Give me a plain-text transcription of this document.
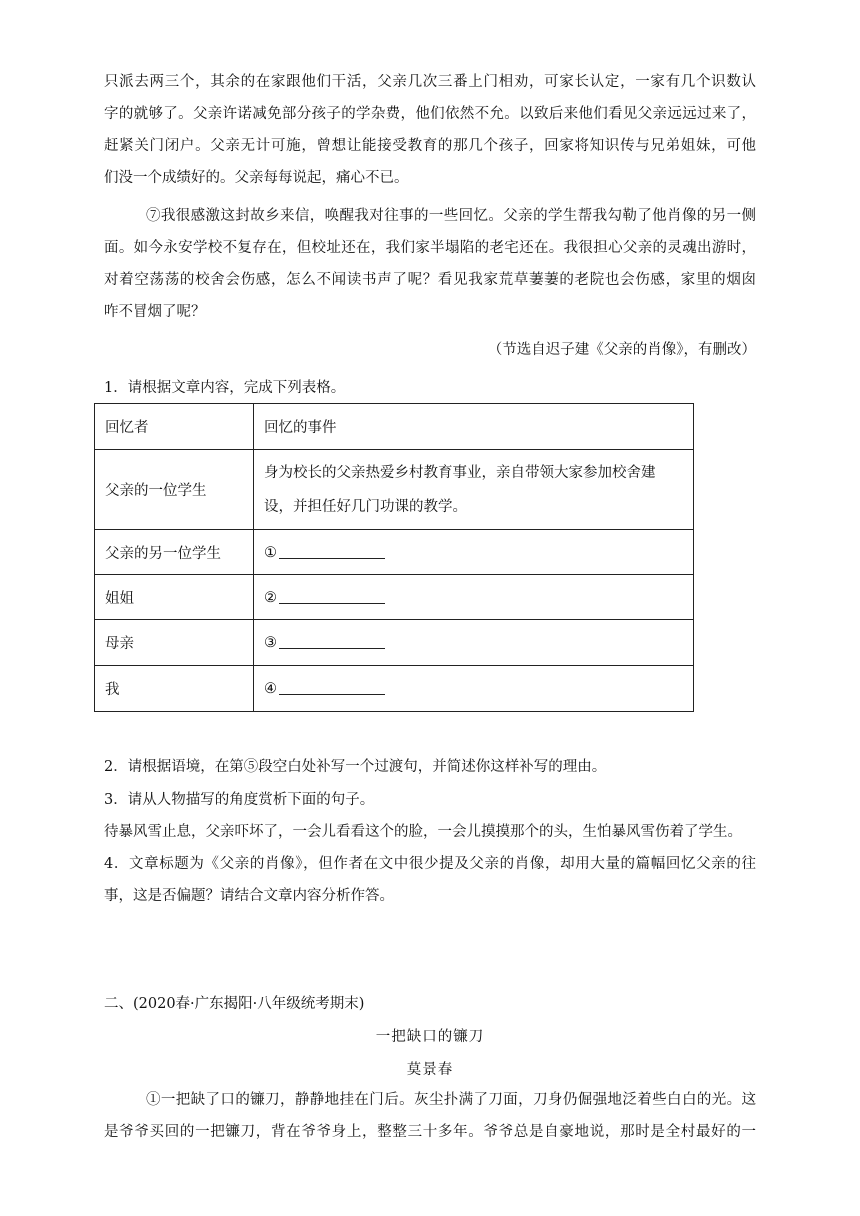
只派去两三个，其余的在家跟他们干活，父亲几次三番上门相劝，可家长认定，一家有几个识数认
字的就够了。父亲许诺减免部分孩子的学杂费，他们依然不允。以致后来他们看见父亲远远过来了，
赶紧关门闭户。父亲无计可施，曾想让能接受教育的那几个孩子，回家将知识传与兄弟姐妹，可他
们没一个成绩好的。父亲每每说起，痛心不已。
⑦我很感激这封故乡来信，唤醒我对往事的一些回忆。父亲的学生帮我勾勒了他肖像的另一侧
面。如今永安学校不复存在，但校址还在，我们家半塌陷的老宅还在。我很担心父亲的灵魂出游时，
对着空荡荡的校舍会伤感，怎么不闻读书声了呢？看见我家荒草萋萋的老院也会伤感，家里的烟囱
咋不冒烟了呢？
（节选自迟子建《父亲的肖像》，有删改）

1．请根据文章内容，完成下列表格。

回忆者	回忆的事件
父亲的一位学生	身为校长的父亲热爱乡村教育事业，亲自带领大家参加校舍建
设，并担任好几门功课的教学。

父亲的另一位学生	①
姐姐	②
母亲	③
我	④

2．请根据语境，在第⑤段空白处补写一个过渡句，并简述你这样补写的理由。

3．请从人物描写的角度赏析下面的句子。

待暴风雪止息，父亲吓坏了，一会儿看看这个的脸，一会儿摸摸那个的头，生怕暴风雪伤着了学生。

4．文章标题为《父亲的肖像》，但作者在文中很少提及父亲的肖像，却用大量的篇幅回忆父亲的往

事，这是否偏题？请结合文章内容分析作答。

二、(2020春·广东揭阳·八年级统考期末)
一把缺口的镰刀
莫景春
①一把缺了口的镰刀，静静地挂在门后。灰尘扑满了刀面，刀身仍倔强地泛着些白白的光。这
是爷爷买回的一把镰刀，背在爷爷身上，整整三十多年。爷爷总是自豪地说，那时是全村最好的一
